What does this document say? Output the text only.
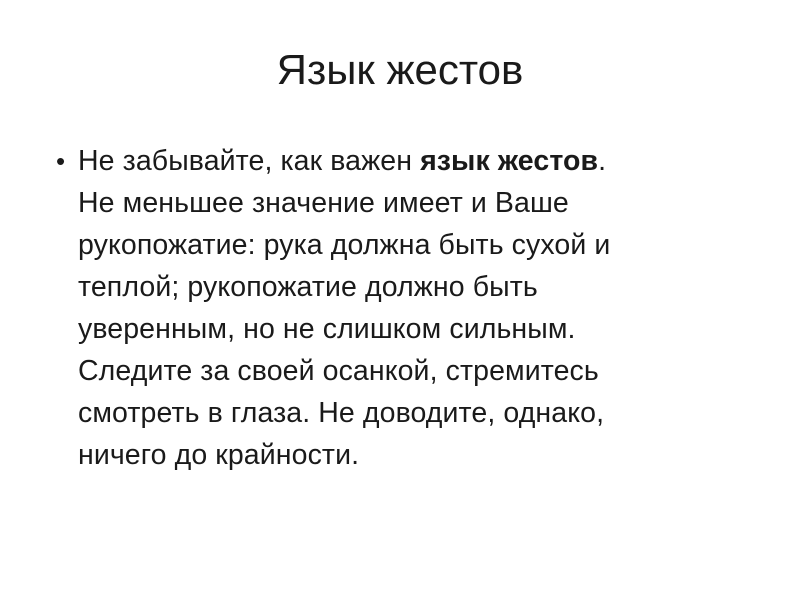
Язык жестов
• Не забывайте, как важен язык жестов.
Не меньшее значение имеет и Ваше
рукопожатие: рука должна быть сухой и
теплой; рукопожатие должно быть
уверенным, но не слишком сильным.
Следите за своей осанкой, стремитесь
смотреть в глаза. Не доводите, однако,
ничего до крайности.
